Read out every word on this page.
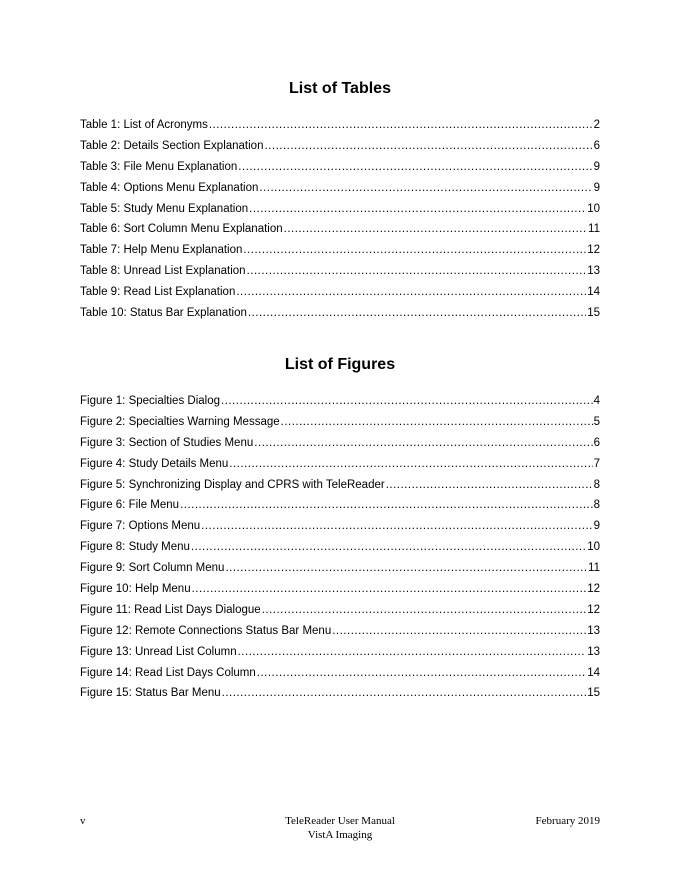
List of Tables
Table 1: List of Acronyms .....	2
Table 2: Details Section Explanation .....	6
Table 3: File Menu Explanation .....	9
Table 4: Options Menu Explanation .....	9
Table 5: Study Menu Explanation .....	10
Table 6: Sort Column Menu Explanation .....	11
Table 7: Help Menu Explanation .....	12
Table 8: Unread List Explanation .....	13
Table 9: Read List Explanation .....	14
Table 10: Status Bar Explanation .....	15
List of Figures
Figure 1: Specialties Dialog .....	4
Figure 2: Specialties Warning Message .....	5
Figure 3: Section of Studies Menu .....	6
Figure 4: Study Details Menu .....	7
Figure 5: Synchronizing Display and CPRS with TeleReader .....	8
Figure 6: File Menu .....	8
Figure 7: Options Menu .....	9
Figure 8: Study Menu .....	10
Figure 9: Sort Column Menu .....	11
Figure 10: Help Menu .....	12
Figure 11: Read List Days Dialogue .....	12
Figure 12: Remote Connections Status Bar Menu .....	13
Figure 13: Unread List Column .....	13
Figure 14: Read List Days Column .....	14
Figure 15: Status Bar Menu .....	15
v	TeleReader User Manual
VistA Imaging
February 2019
